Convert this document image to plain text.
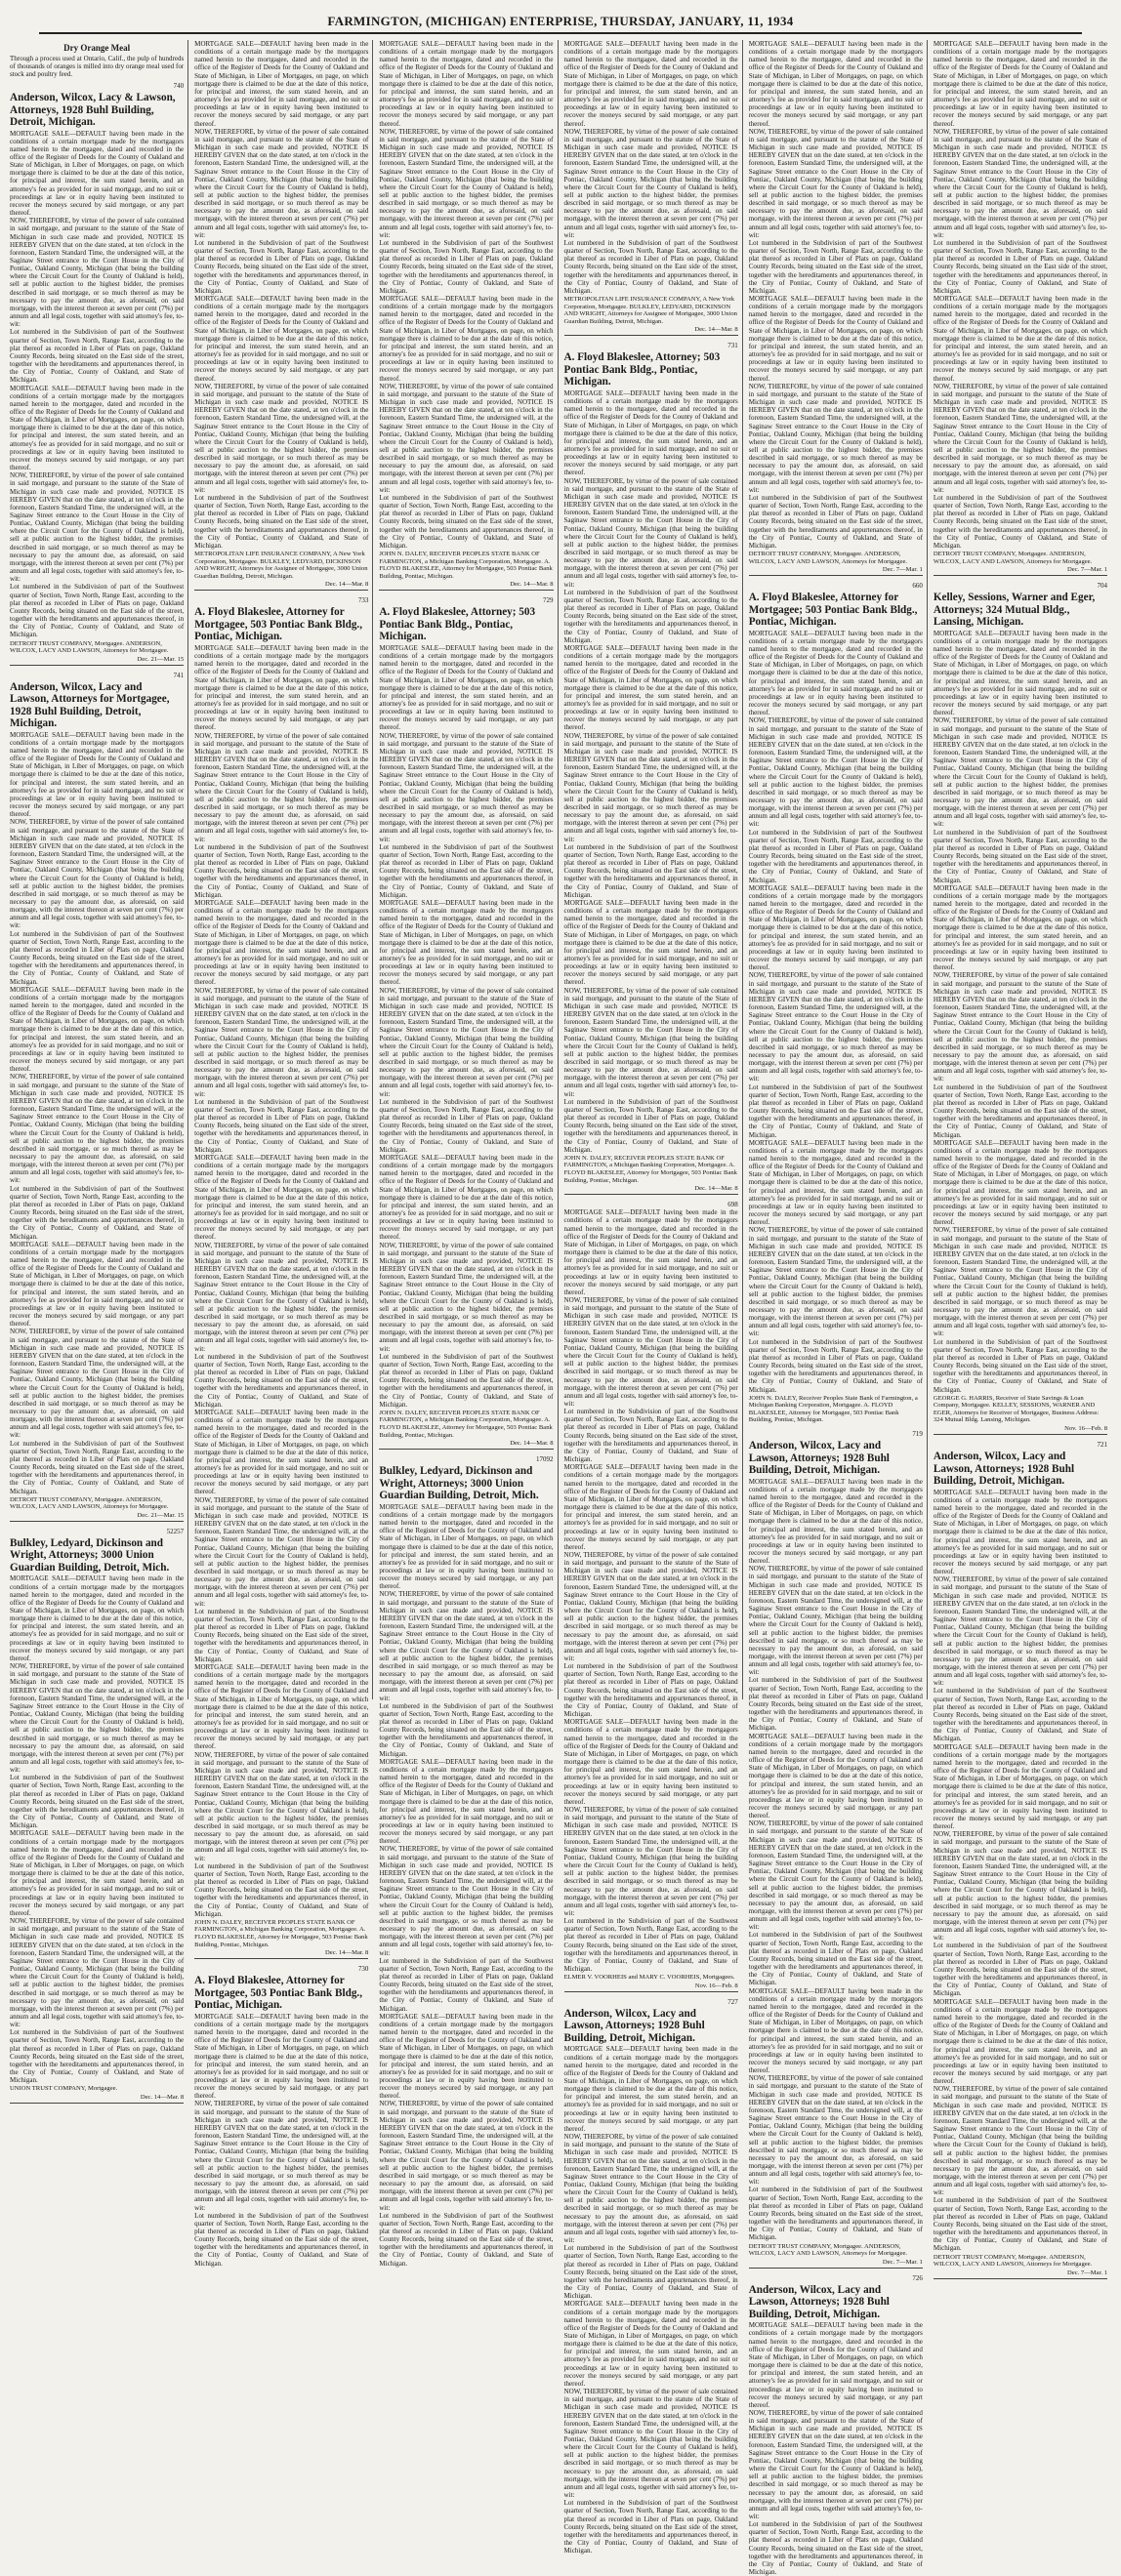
FARMINGTON, (MICHIGAN) ENTERPRISE, THURSDAY, JANUARY, 11, 1934
Dry Orange Meal

Through a process used at Ontario, Calif., the pulp of hundreds of thousands of oranges is milled into dry orange meal used for stock and poultry feed.

740

Anderson, Wilcox, Lacy & Lawson, Attorneys, 1928 Buhl Building, Detroit, Michigan.

MORTGAGE SALE—DEFAULT having been made in the conditions of a certain mortgage made by the mortgagors named herein to the mortgagee, dated and recorded in the office of the Register of Deeds for the County of Oakland and State of Michigan, in Liber of Mortgages, on page, on which mortgage there is claimed to be due at the date of this notice, for principal and interest, the sum stated herein, and an attorney's fee as provided for in said mortgage, and no suit or proceedings at law or in equity having been instituted to recover the moneys secured by said mortgage, or any part thereof.

NOW, THEREFORE, by virtue of the power of sale contained in said mortgage, and pursuant to the statute of the State of Michigan in such case made and provided, NOTICE IS HEREBY GIVEN that on the date stated, at ten o'clock in the forenoon, Eastern Standard Time, the undersigned will, at the Saginaw Street entrance to the Court House in the City of Pontiac, Oakland County, Michigan (that being the building where the Circuit Court for the County of Oakland is held), sell at public auction to the highest bidder, the premises described in said mortgage, or so much thereof as may be necessary to pay the amount due, as aforesaid, on said mortgage, with the interest thereon at seven per cent (7%) per annum and all legal costs, together with said attorney's fee, to-wit:

Lot numbered in the Subdivision of part of the Southwest quarter of Section, Town North, Range East, according to the plat thereof as recorded in Liber of Plats on page, Oakland County Records, being situated on the East side of the street, together with the hereditaments and appurtenances thereof, in the City of Pontiac, County of Oakland, and State of Michigan.

MORTGAGE SALE—DEFAULT having been made in the conditions of a certain mortgage made by the mortgagors named herein to the mortgagee, dated and recorded in the office of the Register of Deeds for the County of Oakland and State of Michigan, in Liber of Mortgages, on page, on which mortgage there is claimed to be due at the date of this notice, for principal and interest, the sum stated herein, and an attorney's fee as provided for in said mortgage, and no suit or proceedings at law or in equity having been instituted to recover the moneys secured by said mortgage, or any part thereof.

NOW, THEREFORE, by virtue of the power of sale contained in said mortgage, and pursuant to the statute of the State of Michigan in such case made and provided, NOTICE IS HEREBY GIVEN that on the date stated, at ten o'clock in the forenoon, Eastern Standard Time, the undersigned will, at the Saginaw Street entrance to the Court House in the City of Pontiac, Oakland County, Michigan (that being the building where the Circuit Court for the County of Oakland is held), sell at public auction to the highest bidder, the premises described in said mortgage, or so much thereof as may be necessary to pay the amount due, as aforesaid, on said mortgage, with the interest thereon at seven per cent (7%) per annum and all legal costs, together with said attorney's fee, to-wit:

Lot numbered in the Subdivision of part of the Southwest quarter of Section, Town North, Range East, according to the plat thereof as recorded in Liber of Plats on page, Oakland County Records, being situated on the East side of the street, together with the hereditaments and appurtenances thereof, in the City of Pontiac, County of Oakland, and State of Michigan.

DETROIT TRUST COMPANY, Mortgagee. ANDERSON, WILCOX, LACY AND LAWSON, Attorneys for Mortgagee.

Dec. 21—Mar. 15

741

Anderson, Wilcox, Lacy and Lawson, Attorneys for Mortgagee, 1928 Buhl Building, Detroit, Michigan.

MORTGAGE SALE—DEFAULT having been made in the conditions of a certain mortgage made by the mortgagors named herein to the mortgagee, dated and recorded in the office of the Register of Deeds for the County of Oakland and State of Michigan, in Liber of Mortgages, on page, on which mortgage there is claimed to be due at the date of this notice, for principal and interest, the sum stated herein, and an attorney's fee as provided for in said mortgage, and no suit or proceedings at law or in equity having been instituted to recover the moneys secured by said mortgage, or any part thereof.

NOW, THEREFORE, by virtue of the power of sale contained in said mortgage, and pursuant to the statute of the State of Michigan in such case made and provided, NOTICE IS HEREBY GIVEN that on the date stated, at ten o'clock in the forenoon, Eastern Standard Time, the undersigned will, at the Saginaw Street entrance to the Court House in the City of Pontiac, Oakland County, Michigan (that being the building where the Circuit Court for the County of Oakland is held), sell at public auction to the highest bidder, the premises described in said mortgage, or so much thereof as may be necessary to pay the amount due, as aforesaid, on said mortgage, with the interest thereon at seven per cent (7%) per annum and all legal costs, together with said attorney's fee, to-wit:

Lot numbered in the Subdivision of part of the Southwest quarter of Section, Town North, Range East, according to the plat thereof as recorded in Liber of Plats on page, Oakland County Records, being situated on the East side of the street, together with the hereditaments and appurtenances thereof, in the City of Pontiac, County of Oakland, and State of Michigan.

MORTGAGE SALE—DEFAULT having been made in the conditions of a certain mortgage made by the mortgagors named herein to the mortgagee, dated and recorded in the office of the Register of Deeds for the County of Oakland and State of Michigan, in Liber of Mortgages, on page, on which mortgage there is claimed to be due at the date of this notice, for principal and interest, the sum stated herein, and an attorney's fee as provided for in said mortgage, and no suit or proceedings at law or in equity having been instituted to recover the moneys secured by said mortgage, or any part thereof.

NOW, THEREFORE, by virtue of the power of sale contained in said mortgage, and pursuant to the statute of the State of Michigan in such case made and provided, NOTICE IS HEREBY GIVEN that on the date stated, at ten o'clock in the forenoon, Eastern Standard Time, the undersigned will, at the Saginaw Street entrance to the Court House in the City of Pontiac, Oakland County, Michigan (that being the building where the Circuit Court for the County of Oakland is held), sell at public auction to the highest bidder, the premises described in said mortgage, or so much thereof as may be necessary to pay the amount due, as aforesaid, on said mortgage, with the interest thereon at seven per cent (7%) per annum and all legal costs, together with said attorney's fee, to-wit:

Lot numbered in the Subdivision of part of the Southwest quarter of Section, Town North, Range East, according to the plat thereof as recorded in Liber of Plats on page, Oakland County Records, being situated on the East side of the street, together with the hereditaments and appurtenances thereof, in the City of Pontiac, County of Oakland, and State of Michigan.

MORTGAGE SALE—DEFAULT having been made in the conditions of a certain mortgage made by the mortgagors named herein to the mortgagee, dated and recorded in the office of the Register of Deeds for the County of Oakland and State of Michigan, in Liber of Mortgages, on page, on which mortgage there is claimed to be due at the date of this notice, for principal and interest, the sum stated herein, and an attorney's fee as provided for in said mortgage, and no suit or proceedings at law or in equity having been instituted to recover the moneys secured by said mortgage, or any part thereof.

NOW, THEREFORE, by virtue of the power of sale contained in said mortgage, and pursuant to the statute of the State of Michigan in such case made and provided, NOTICE IS HEREBY GIVEN that on the date stated, at ten o'clock in the forenoon, Eastern Standard Time, the undersigned will, at the Saginaw Street entrance to the Court House in the City of Pontiac, Oakland County, Michigan (that being the building where the Circuit Court for the County of Oakland is held), sell at public auction to the highest bidder, the premises described in said mortgage, or so much thereof as may be necessary to pay the amount due, as aforesaid, on said mortgage, with the interest thereon at seven per cent (7%) per annum and all legal costs, together with said attorney's fee, to-wit:

Lot numbered in the Subdivision of part of the Southwest quarter of Section, Town North, Range East, according to the plat thereof as recorded in Liber of Plats on page, Oakland County Records, being situated on the East side of the street, together with the hereditaments and appurtenances thereof, in the City of Pontiac, County of Oakland, and State of Michigan.

DETROIT TRUST COMPANY, Mortgagee. ANDERSON, WILCOX, LACY AND LAWSON, Attorneys for Mortgagee.

Dec. 21—Mar. 15

52257

Bulkley, Ledyard, Dickinson and Wright, Attorneys; 3000 Union Guardian Building, Detroit, Mich.

MORTGAGE SALE—DEFAULT having been made in the conditions of a certain mortgage made by the mortgagors named herein to the mortgagee, dated and recorded in the office of the Register of Deeds for the County of Oakland and State of Michigan, in Liber of Mortgages, on page, on which mortgage there is claimed to be due at the date of this notice, for principal and interest, the sum stated herein, and an attorney's fee as provided for in said mortgage, and no suit or proceedings at law or in equity having been instituted to recover the moneys secured by said mortgage, or any part thereof.

NOW, THEREFORE, by virtue of the power of sale contained in said mortgage, and pursuant to the statute of the State of Michigan in such case made and provided, NOTICE IS HEREBY GIVEN that on the date stated, at ten o'clock in the forenoon, Eastern Standard Time, the undersigned will, at the Saginaw Street entrance to the Court House in the City of Pontiac, Oakland County, Michigan (that being the building where the Circuit Court for the County of Oakland is held), sell at public auction to the highest bidder, the premises described in said mortgage, or so much thereof as may be necessary to pay the amount due, as aforesaid, on said mortgage, with the interest thereon at seven per cent (7%) per annum and all legal costs, together with said attorney's fee, to-wit:

Lot numbered in the Subdivision of part of the Southwest quarter of Section, Town North, Range East, according to the plat thereof as recorded in Liber of Plats on page, Oakland County Records, being situated on the East side of the street, together with the hereditaments and appurtenances thereof, in the City of Pontiac, County of Oakland, and State of Michigan.

MORTGAGE SALE—DEFAULT having been made in the conditions of a certain mortgage made by the mortgagors named herein to the mortgagee, dated and recorded in the office of the Register of Deeds for the County of Oakland and State of Michigan, in Liber of Mortgages, on page, on which mortgage there is claimed to be due at the date of this notice, for principal and interest, the sum stated herein, and an attorney's fee as provided for in said mortgage, and no suit or proceedings at law or in equity having been instituted to recover the moneys secured by said mortgage, or any part thereof.

NOW, THEREFORE, by virtue of the power of sale contained in said mortgage, and pursuant to the statute of the State of Michigan in such case made and provided, NOTICE IS HEREBY GIVEN that on the date stated, at ten o'clock in the forenoon, Eastern Standard Time, the undersigned will, at the Saginaw Street entrance to the Court House in the City of Pontiac, Oakland County, Michigan (that being the building where the Circuit Court for the County of Oakland is held), sell at public auction to the highest bidder, the premises described in said mortgage, or so much thereof as may be necessary to pay the amount due, as aforesaid, on said mortgage, with the interest thereon at seven per cent (7%) per annum and all legal costs, together with said attorney's fee, to-wit:

Lot numbered in the Subdivision of part of the Southwest quarter of Section, Town North, Range East, according to the plat thereof as recorded in Liber of Plats on page, Oakland County Records, being situated on the East side of the street, together with the hereditaments and appurtenances thereof, in the City of Pontiac, County of Oakland, and State of Michigan.

UNION TRUST COMPANY, Mortgagee.

Dec. 14—Mar. 8

MORTGAGE SALE—DEFAULT having been made in the conditions of a certain mortgage made by the mortgagors named herein to the mortgagee, dated and recorded in the office of the Register of Deeds for the County of Oakland and State of Michigan, in Liber of Mortgages, on page, on which mortgage there is claimed to be due at the date of this notice, for principal and interest, the sum stated herein, and an attorney's fee as provided for in said mortgage, and no suit or proceedings at law or in equity having been instituted to recover the moneys secured by said mortgage, or any part thereof.

NOW, THEREFORE, by virtue of the power of sale contained in said mortgage, and pursuant to the statute of the State of Michigan in such case made and provided, NOTICE IS HEREBY GIVEN that on the date stated, at ten o'clock in the forenoon, Eastern Standard Time, the undersigned will, at the Saginaw Street entrance to the Court House in the City of Pontiac, Oakland County, Michigan (that being the building where the Circuit Court for the County of Oakland is held), sell at public auction to the highest bidder, the premises described in said mortgage, or so much thereof as may be necessary to pay the amount due, as aforesaid, on said mortgage, with the interest thereon at seven per cent (7%) per annum and all legal costs, together with said attorney's fee, to-wit:

Lot numbered in the Subdivision of part of the Southwest quarter of Section, Town North, Range East, according to the plat thereof as recorded in Liber of Plats on page, Oakland County Records, being situated on the East side of the street, together with the hereditaments and appurtenances thereof, in the City of Pontiac, County of Oakland, and State of Michigan.

MORTGAGE SALE—DEFAULT having been made in the conditions of a certain mortgage made by the mortgagors named herein to the mortgagee, dated and recorded in the office of the Register of Deeds for the County of Oakland and State of Michigan, in Liber of Mortgages, on page, on which mortgage there is claimed to be due at the date of this notice, for principal and interest, the sum stated herein, and an attorney's fee as provided for in said mortgage, and no suit or proceedings at law or in equity having been instituted to recover the moneys secured by said mortgage, or any part thereof.

NOW, THEREFORE, by virtue of the power of sale contained in said mortgage, and pursuant to the statute of the State of Michigan in such case made and provided, NOTICE IS HEREBY GIVEN that on the date stated, at ten o'clock in the forenoon, Eastern Standard Time, the undersigned will, at the Saginaw Street entrance to the Court House in the City of Pontiac, Oakland County, Michigan (that being the building where the Circuit Court for the County of Oakland is held), sell at public auction to the highest bidder, the premises described in said mortgage, or so much thereof as may be necessary to pay the amount due, as aforesaid, on said mortgage, with the interest thereon at seven per cent (7%) per annum and all legal costs, together with said attorney's fee, to-wit:

Lot numbered in the Subdivision of part of the Southwest quarter of Section, Town North, Range East, according to the plat thereof as recorded in Liber of Plats on page, Oakland County Records, being situated on the East side of the street, together with the hereditaments and appurtenances thereof, in the City of Pontiac, County of Oakland, and State of Michigan.

METROPOLITAN LIFE INSURANCE COMPANY, A New York Corporation, Mortgagee. BULKLEY, LEDYARD, DICKINSON AND WRIGHT, Attorneys for Assignee of Mortgagee, 3000 Union Guardian Building, Detroit, Michigan.

Dec. 14—Mar. 8

733

A. Floyd Blakeslee, Attorney for Mortgagee, 503 Pontiac Bank Bldg., Pontiac, Michigan.

MORTGAGE SALE—DEFAULT having been made in the conditions of a certain mortgage made by the mortgagors named herein to the mortgagee, dated and recorded in the office of the Register of Deeds for the County of Oakland and State of Michigan, in Liber of Mortgages, on page, on which mortgage there is claimed to be due at the date of this notice, for principal and interest, the sum stated herein, and an attorney's fee as provided for in said mortgage, and no suit or proceedings at law or in equity having been instituted to recover the moneys secured by said mortgage, or any part thereof.

NOW, THEREFORE, by virtue of the power of sale contained in said mortgage, and pursuant to the statute of the State of Michigan in such case made and provided, NOTICE IS HEREBY GIVEN that on the date stated, at ten o'clock in the forenoon, Eastern Standard Time, the undersigned will, at the Saginaw Street entrance to the Court House in the City of Pontiac, Oakland County, Michigan (that being the building where the Circuit Court for the County of Oakland is held), sell at public auction to the highest bidder, the premises described in said mortgage, or so much thereof as may be necessary to pay the amount due, as aforesaid, on said mortgage, with the interest thereon at seven per cent (7%) per annum and all legal costs, together with said attorney's fee, to-wit:

Lot numbered in the Subdivision of part of the Southwest quarter of Section, Town North, Range East, according to the plat thereof as recorded in Liber of Plats on page, Oakland County Records, being situated on the East side of the street, together with the hereditaments and appurtenances thereof, in the City of Pontiac, County of Oakland, and State of Michigan.

MORTGAGE SALE—DEFAULT having been made in the conditions of a certain mortgage made by the mortgagors named herein to the mortgagee, dated and recorded in the office of the Register of Deeds for the County of Oakland and State of Michigan, in Liber of Mortgages, on page, on which mortgage there is claimed to be due at the date of this notice, for principal and interest, the sum stated herein, and an attorney's fee as provided for in said mortgage, and no suit or proceedings at law or in equity having been instituted to recover the moneys secured by said mortgage, or any part thereof.

NOW, THEREFORE, by virtue of the power of sale contained in said mortgage, and pursuant to the statute of the State of Michigan in such case made and provided, NOTICE IS HEREBY GIVEN that on the date stated, at ten o'clock in the forenoon, Eastern Standard Time, the undersigned will, at the Saginaw Street entrance to the Court House in the City of Pontiac, Oakland County, Michigan (that being the building where the Circuit Court for the County of Oakland is held), sell at public auction to the highest bidder, the premises described in said mortgage, or so much thereof as may be necessary to pay the amount due, as aforesaid, on said mortgage, with the interest thereon at seven per cent (7%) per annum and all legal costs, together with said attorney's fee, to-wit:

Lot numbered in the Subdivision of part of the Southwest quarter of Section, Town North, Range East, according to the plat thereof as recorded in Liber of Plats on page, Oakland County Records, being situated on the East side of the street, together with the hereditaments and appurtenances thereof, in the City of Pontiac, County of Oakland, and State of Michigan.

MORTGAGE SALE—DEFAULT having been made in the conditions of a certain mortgage made by the mortgagors named herein to the mortgagee, dated and recorded in the office of the Register of Deeds for the County of Oakland and State of Michigan, in Liber of Mortgages, on page, on which mortgage there is claimed to be due at the date of this notice, for principal and interest, the sum stated herein, and an attorney's fee as provided for in said mortgage, and no suit or proceedings at law or in equity having been instituted to recover the moneys secured by said mortgage, or any part thereof.

NOW, THEREFORE, by virtue of the power of sale contained in said mortgage, and pursuant to the statute of the State of Michigan in such case made and provided, NOTICE IS HEREBY GIVEN that on the date stated, at ten o'clock in the forenoon, Eastern Standard Time, the undersigned will, at the Saginaw Street entrance to the Court House in the City of Pontiac, Oakland County, Michigan (that being the building where the Circuit Court for the County of Oakland is held), sell at public auction to the highest bidder, the premises described in said mortgage, or so much thereof as may be necessary to pay the amount due, as aforesaid, on said mortgage, with the interest thereon at seven per cent (7%) per annum and all legal costs, together with said attorney's fee, to-wit:

Lot numbered in the Subdivision of part of the Southwest quarter of Section, Town North, Range East, according to the plat thereof as recorded in Liber of Plats on page, Oakland County Records, being situated on the East side of the street, together with the hereditaments and appurtenances thereof, in the City of Pontiac, County of Oakland, and State of Michigan.

MORTGAGE SALE—DEFAULT having been made in the conditions of a certain mortgage made by the mortgagors named herein to the mortgagee, dated and recorded in the office of the Register of Deeds for the County of Oakland and State of Michigan, in Liber of Mortgages, on page, on which mortgage there is claimed to be due at the date of this notice, for principal and interest, the sum stated herein, and an attorney's fee as provided for in said mortgage, and no suit or proceedings at law or in equity having been instituted to recover the moneys secured by said mortgage, or any part thereof.

NOW, THEREFORE, by virtue of the power of sale contained in said mortgage, and pursuant to the statute of the State of Michigan in such case made and provided, NOTICE IS HEREBY GIVEN that on the date stated, at ten o'clock in the forenoon, Eastern Standard Time, the undersigned will, at the Saginaw Street entrance to the Court House in the City of Pontiac, Oakland County, Michigan (that being the building where the Circuit Court for the County of Oakland is held), sell at public auction to the highest bidder, the premises described in said mortgage, or so much thereof as may be necessary to pay the amount due, as aforesaid, on said mortgage, with the interest thereon at seven per cent (7%) per annum and all legal costs, together with said attorney's fee, to-wit:

Lot numbered in the Subdivision of part of the Southwest quarter of Section, Town North, Range East, according to the plat thereof as recorded in Liber of Plats on page, Oakland County Records, being situated on the East side of the street, together with the hereditaments and appurtenances thereof, in the City of Pontiac, County of Oakland, and State of Michigan.

MORTGAGE SALE—DEFAULT having been made in the conditions of a certain mortgage made by the mortgagors named herein to the mortgagee, dated and recorded in the office of the Register of Deeds for the County of Oakland and State of Michigan, in Liber of Mortgages, on page, on which mortgage there is claimed to be due at the date of this notice, for principal and interest, the sum stated herein, and an attorney's fee as provided for in said mortgage, and no suit or proceedings at law or in equity having been instituted to recover the moneys secured by said mortgage, or any part thereof.

NOW, THEREFORE, by virtue of the power of sale contained in said mortgage, and pursuant to the statute of the State of Michigan in such case made and provided, NOTICE IS HEREBY GIVEN that on the date stated, at ten o'clock in the forenoon, Eastern Standard Time, the undersigned will, at the Saginaw Street entrance to the Court House in the City of Pontiac, Oakland County, Michigan (that being the building where the Circuit Court for the County of Oakland is held), sell at public auction to the highest bidder, the premises described in said mortgage, or so much thereof as may be necessary to pay the amount due, as aforesaid, on said mortgage, with the interest thereon at seven per cent (7%) per annum and all legal costs, together with said attorney's fee, to-wit:

Lot numbered in the Subdivision of part of the Southwest quarter of Section, Town North, Range East, according to the plat thereof as recorded in Liber of Plats on page, Oakland County Records, being situated on the East side of the street, together with the hereditaments and appurtenances thereof, in the City of Pontiac, County of Oakland, and State of Michigan.

JOHN N. DALEY, RECEIVER PEOPLES STATE BANK OF FARMINGTON, a Michigan Banking Corporation, Mortgagee. A. FLOYD BLAKESLEE, Attorney for Mortgagee, 503 Pontiac Bank Building, Pontiac, Michigan.

Dec. 14—Mar. 8

730

A. Floyd Blakeslee, Attorney for Mortgagee, 503 Pontiac Bank Bldg., Pontiac, Michigan.

MORTGAGE SALE—DEFAULT having been made in the conditions of a certain mortgage made by the mortgagors named herein to the mortgagee, dated and recorded in the office of the Register of Deeds for the County of Oakland and State of Michigan, in Liber of Mortgages, on page, on which mortgage there is claimed to be due at the date of this notice, for principal and interest, the sum stated herein, and an attorney's fee as provided for in said mortgage, and no suit or proceedings at law or in equity having been instituted to recover the moneys secured by said mortgage, or any part thereof.

NOW, THEREFORE, by virtue of the power of sale contained in said mortgage, and pursuant to the statute of the State of Michigan in such case made and provided, NOTICE IS HEREBY GIVEN that on the date stated, at ten o'clock in the forenoon, Eastern Standard Time, the undersigned will, at the Saginaw Street entrance to the Court House in the City of Pontiac, Oakland County, Michigan (that being the building where the Circuit Court for the County of Oakland is held), sell at public auction to the highest bidder, the premises described in said mortgage, or so much thereof as may be necessary to pay the amount due, as aforesaid, on said mortgage, with the interest thereon at seven per cent (7%) per annum and all legal costs, together with said attorney's fee, to-wit:

Lot numbered in the Subdivision of part of the Southwest quarter of Section, Town North, Range East, according to the plat thereof as recorded in Liber of Plats on page, Oakland County Records, being situated on the East side of the street, together with the hereditaments and appurtenances thereof, in the City of Pontiac, County of Oakland, and State of Michigan.

MORTGAGE SALE—DEFAULT having been made in the conditions of a certain mortgage made by the mortgagors named herein to the mortgagee, dated and recorded in the office of the Register of Deeds for the County of Oakland and State of Michigan, in Liber of Mortgages, on page, on which mortgage there is claimed to be due at the date of this notice, for principal and interest, the sum stated herein, and an attorney's fee as provided for in said mortgage, and no suit or proceedings at law or in equity having been instituted to recover the moneys secured by said mortgage, or any part thereof.

NOW, THEREFORE, by virtue of the power of sale contained in said mortgage, and pursuant to the statute of the State of Michigan in such case made and provided, NOTICE IS HEREBY GIVEN that on the date stated, at ten o'clock in the forenoon, Eastern Standard Time, the undersigned will, at the Saginaw Street entrance to the Court House in the City of Pontiac, Oakland County, Michigan (that being the building where the Circuit Court for the County of Oakland is held), sell at public auction to the highest bidder, the premises described in said mortgage, or so much thereof as may be necessary to pay the amount due, as aforesaid, on said mortgage, with the interest thereon at seven per cent (7%) per annum and all legal costs, together with said attorney's fee, to-wit:

Lot numbered in the Subdivision of part of the Southwest quarter of Section, Town North, Range East, according to the plat thereof as recorded in Liber of Plats on page, Oakland County Records, being situated on the East side of the street, together with the hereditaments and appurtenances thereof, in the City of Pontiac, County of Oakland, and State of Michigan.

MORTGAGE SALE—DEFAULT having been made in the conditions of a certain mortgage made by the mortgagors named herein to the mortgagee, dated and recorded in the office of the Register of Deeds for the County of Oakland and State of Michigan, in Liber of Mortgages, on page, on which mortgage there is claimed to be due at the date of this notice, for principal and interest, the sum stated herein, and an attorney's fee as provided for in said mortgage, and no suit or proceedings at law or in equity having been instituted to recover the moneys secured by said mortgage, or any part thereof.

NOW, THEREFORE, by virtue of the power of sale contained in said mortgage, and pursuant to the statute of the State of Michigan in such case made and provided, NOTICE IS HEREBY GIVEN that on the date stated, at ten o'clock in the forenoon, Eastern Standard Time, the undersigned will, at the Saginaw Street entrance to the Court House in the City of Pontiac, Oakland County, Michigan (that being the building where the Circuit Court for the County of Oakland is held), sell at public auction to the highest bidder, the premises described in said mortgage, or so much thereof as may be necessary to pay the amount due, as aforesaid, on said mortgage, with the interest thereon at seven per cent (7%) per annum and all legal costs, together with said attorney's fee, to-wit:

Lot numbered in the Subdivision of part of the Southwest quarter of Section, Town North, Range East, according to the plat thereof as recorded in Liber of Plats on page, Oakland County Records, being situated on the East side of the street, together with the hereditaments and appurtenances thereof, in the City of Pontiac, County of Oakland, and State of Michigan.

JOHN N. DALEY, RECEIVER PEOPLES STATE BANK OF FARMINGTON, a Michigan Banking Corporation, Mortgagee. A. FLOYD BLAKESLEE, Attorney for Mortgagee, 503 Pontiac Bank Building, Pontiac, Michigan.

Dec. 14—Mar. 8

729

A. Floyd Blakeslee, Attorney; 503 Pontiac Bank Bldg., Pontiac, Michigan.

MORTGAGE SALE—DEFAULT having been made in the conditions of a certain mortgage made by the mortgagors named herein to the mortgagee, dated and recorded in the office of the Register of Deeds for the County of Oakland and State of Michigan, in Liber of Mortgages, on page, on which mortgage there is claimed to be due at the date of this notice, for principal and interest, the sum stated herein, and an attorney's fee as provided for in said mortgage, and no suit or proceedings at law or in equity having been instituted to recover the moneys secured by said mortgage, or any part thereof.

NOW, THEREFORE, by virtue of the power of sale contained in said mortgage, and pursuant to the statute of the State of Michigan in such case made and provided, NOTICE IS HEREBY GIVEN that on the date stated, at ten o'clock in the forenoon, Eastern Standard Time, the undersigned will, at the Saginaw Street entrance to the Court House in the City of Pontiac, Oakland County, Michigan (that being the building where the Circuit Court for the County of Oakland is held), sell at public auction to the highest bidder, the premises described in said mortgage, or so much thereof as may be necessary to pay the amount due, as aforesaid, on said mortgage, with the interest thereon at seven per cent (7%) per annum and all legal costs, together with said attorney's fee, to-wit:

Lot numbered in the Subdivision of part of the Southwest quarter of Section, Town North, Range East, according to the plat thereof as recorded in Liber of Plats on page, Oakland County Records, being situated on the East side of the street, together with the hereditaments and appurtenances thereof, in the City of Pontiac, County of Oakland, and State of Michigan.

MORTGAGE SALE—DEFAULT having been made in the conditions of a certain mortgage made by the mortgagors named herein to the mortgagee, dated and recorded in the office of the Register of Deeds for the County of Oakland and State of Michigan, in Liber of Mortgages, on page, on which mortgage there is claimed to be due at the date of this notice, for principal and interest, the sum stated herein, and an attorney's fee as provided for in said mortgage, and no suit or proceedings at law or in equity having been instituted to recover the moneys secured by said mortgage, or any part thereof.

NOW, THEREFORE, by virtue of the power of sale contained in said mortgage, and pursuant to the statute of the State of Michigan in such case made and provided, NOTICE IS HEREBY GIVEN that on the date stated, at ten o'clock in the forenoon, Eastern Standard Time, the undersigned will, at the Saginaw Street entrance to the Court House in the City of Pontiac, Oakland County, Michigan (that being the building where the Circuit Court for the County of Oakland is held), sell at public auction to the highest bidder, the premises described in said mortgage, or so much thereof as may be necessary to pay the amount due, as aforesaid, on said mortgage, with the interest thereon at seven per cent (7%) per annum and all legal costs, together with said attorney's fee, to-wit:

Lot numbered in the Subdivision of part of the Southwest quarter of Section, Town North, Range East, according to the plat thereof as recorded in Liber of Plats on page, Oakland County Records, being situated on the East side of the street, together with the hereditaments and appurtenances thereof, in the City of Pontiac, County of Oakland, and State of Michigan.

MORTGAGE SALE—DEFAULT having been made in the conditions of a certain mortgage made by the mortgagors named herein to the mortgagee, dated and recorded in the office of the Register of Deeds for the County of Oakland and State of Michigan, in Liber of Mortgages, on page, on which mortgage there is claimed to be due at the date of this notice, for principal and interest, the sum stated herein, and an attorney's fee as provided for in said mortgage, and no suit or proceedings at law or in equity having been instituted to recover the moneys secured by said mortgage, or any part thereof.

NOW, THEREFORE, by virtue of the power of sale contained in said mortgage, and pursuant to the statute of the State of Michigan in such case made and provided, NOTICE IS HEREBY GIVEN that on the date stated, at ten o'clock in the forenoon, Eastern Standard Time, the undersigned will, at the Saginaw Street entrance to the Court House in the City of Pontiac, Oakland County, Michigan (that being the building where the Circuit Court for the County of Oakland is held), sell at public auction to the highest bidder, the premises described in said mortgage, or so much thereof as may be necessary to pay the amount due, as aforesaid, on said mortgage, with the interest thereon at seven per cent (7%) per annum and all legal costs, together with said attorney's fee, to-wit:

Lot numbered in the Subdivision of part of the Southwest quarter of Section, Town North, Range East, according to the plat thereof as recorded in Liber of Plats on page, Oakland County Records, being situated on the East side of the street, together with the hereditaments and appurtenances thereof, in the City of Pontiac, County of Oakland, and State of Michigan.

JOHN N. DALEY, RECEIVER PEOPLES STATE BANK OF FARMINGTON, a Michigan Banking Corporation, Mortgagee. A. FLOYD BLAKESLEE, Attorney for Mortgagee, 503 Pontiac Bank Building, Pontiac, Michigan.

Dec. 14—Mar. 8

17092

Bulkley, Ledyard, Dickinson and Wright, Attorneys; 3000 Union Guardian Building, Detroit, Mich.

MORTGAGE SALE—DEFAULT having been made in the conditions of a certain mortgage made by the mortgagors named herein to the mortgagee, dated and recorded in the office of the Register of Deeds for the County of Oakland and State of Michigan, in Liber of Mortgages, on page, on which mortgage there is claimed to be due at the date of this notice, for principal and interest, the sum stated herein, and an attorney's fee as provided for in said mortgage, and no suit or proceedings at law or in equity having been instituted to recover the moneys secured by said mortgage, or any part thereof.

NOW, THEREFORE, by virtue of the power of sale contained in said mortgage, and pursuant to the statute of the State of Michigan in such case made and provided, NOTICE IS HEREBY GIVEN that on the date stated, at ten o'clock in the forenoon, Eastern Standard Time, the undersigned will, at the Saginaw Street entrance to the Court House in the City of Pontiac, Oakland County, Michigan (that being the building where the Circuit Court for the County of Oakland is held), sell at public auction to the highest bidder, the premises described in said mortgage, or so much thereof as may be necessary to pay the amount due, as aforesaid, on said mortgage, with the interest thereon at seven per cent (7%) per annum and all legal costs, together with said attorney's fee, to-wit:

Lot numbered in the Subdivision of part of the Southwest quarter of Section, Town North, Range East, according to the plat thereof as recorded in Liber of Plats on page, Oakland County Records, being situated on the East side of the street, together with the hereditaments and appurtenances thereof, in the City of Pontiac, County of Oakland, and State of Michigan.

MORTGAGE SALE—DEFAULT having been made in the conditions of a certain mortgage made by the mortgagors named herein to the mortgagee, dated and recorded in the office of the Register of Deeds for the County of Oakland and State of Michigan, in Liber of Mortgages, on page, on which mortgage there is claimed to be due at the date of this notice, for principal and interest, the sum stated herein, and an attorney's fee as provided for in said mortgage, and no suit or proceedings at law or in equity having been instituted to recover the moneys secured by said mortgage, or any part thereof.

NOW, THEREFORE, by virtue of the power of sale contained in said mortgage, and pursuant to the statute of the State of Michigan in such case made and provided, NOTICE IS HEREBY GIVEN that on the date stated, at ten o'clock in the forenoon, Eastern Standard Time, the undersigned will, at the Saginaw Street entrance to the Court House in the City of Pontiac, Oakland County, Michigan (that being the building where the Circuit Court for the County of Oakland is held), sell at public auction to the highest bidder, the premises described in said mortgage, or so much thereof as may be necessary to pay the amount due, as aforesaid, on said mortgage, with the interest thereon at seven per cent (7%) per annum and all legal costs, together with said attorney's fee, to-wit:

Lot numbered in the Subdivision of part of the Southwest quarter of Section, Town North, Range East, according to the plat thereof as recorded in Liber of Plats on page, Oakland County Records, being situated on the East side of the street, together with the hereditaments and appurtenances thereof, in the City of Pontiac, County of Oakland, and State of Michigan.

MORTGAGE SALE—DEFAULT having been made in the conditions of a certain mortgage made by the mortgagors named herein to the mortgagee, dated and recorded in the office of the Register of Deeds for the County of Oakland and State of Michigan, in Liber of Mortgages, on page, on which mortgage there is claimed to be due at the date of this notice, for principal and interest, the sum stated herein, and an attorney's fee as provided for in said mortgage, and no suit or proceedings at law or in equity having been instituted to recover the moneys secured by said mortgage, or any part thereof.

NOW, THEREFORE, by virtue of the power of sale contained in said mortgage, and pursuant to the statute of the State of Michigan in such case made and provided, NOTICE IS HEREBY GIVEN that on the date stated, at ten o'clock in the forenoon, Eastern Standard Time, the undersigned will, at the Saginaw Street entrance to the Court House in the City of Pontiac, Oakland County, Michigan (that being the building where the Circuit Court for the County of Oakland is held), sell at public auction to the highest bidder, the premises described in said mortgage, or so much thereof as may be necessary to pay the amount due, as aforesaid, on said mortgage, with the interest thereon at seven per cent (7%) per annum and all legal costs, together with said attorney's fee, to-wit:

Lot numbered in the Subdivision of part of the Southwest quarter of Section, Town North, Range East, according to the plat thereof as recorded in Liber of Plats on page, Oakland County Records, being situated on the East side of the street, together with the hereditaments and appurtenances thereof, in the City of Pontiac, County of Oakland, and State of Michigan.

MORTGAGE SALE—DEFAULT having been made in the conditions of a certain mortgage made by the mortgagors named herein to the mortgagee, dated and recorded in the office of the Register of Deeds for the County of Oakland and State of Michigan, in Liber of Mortgages, on page, on which mortgage there is claimed to be due at the date of this notice, for principal and interest, the sum stated herein, and an attorney's fee as provided for in said mortgage, and no suit or proceedings at law or in equity having been instituted to recover the moneys secured by said mortgage, or any part thereof.

NOW, THEREFORE, by virtue of the power of sale contained in said mortgage, and pursuant to the statute of the State of Michigan in such case made and provided, NOTICE IS HEREBY GIVEN that on the date stated, at ten o'clock in the forenoon, Eastern Standard Time, the undersigned will, at the Saginaw Street entrance to the Court House in the City of Pontiac, Oakland County, Michigan (that being the building where the Circuit Court for the County of Oakland is held), sell at public auction to the highest bidder, the premises described in said mortgage, or so much thereof as may be necessary to pay the amount due, as aforesaid, on said mortgage, with the interest thereon at seven per cent (7%) per annum and all legal costs, together with said attorney's fee, to-wit:

Lot numbered in the Subdivision of part of the Southwest quarter of Section, Town North, Range East, according to the plat thereof as recorded in Liber of Plats on page, Oakland County Records, being situated on the East side of the street, together with the hereditaments and appurtenances thereof, in the City of Pontiac, County of Oakland, and State of Michigan.

METROPOLITAN LIFE INSURANCE COMPANY, A New York Corporation, Mortgagee. BULKLEY, LEDYARD, DICKINSON AND WRIGHT, Attorneys for Assignee of Mortgagee, 3000 Union Guardian Building, Detroit, Michigan.

Dec. 14—Mar. 8

731

A. Floyd Blakeslee, Attorney; 503 Pontiac Bank Bldg., Pontiac, Michigan.

MORTGAGE SALE—DEFAULT having been made in the conditions of a certain mortgage made by the mortgagors named herein to the mortgagee, dated and recorded in the office of the Register of Deeds for the County of Oakland and State of Michigan, in Liber of Mortgages, on page, on which mortgage there is claimed to be due at the date of this notice, for principal and interest, the sum stated herein, and an attorney's fee as provided for in said mortgage, and no suit or proceedings at law or in equity having been instituted to recover the moneys secured by said mortgage, or any part thereof.

NOW, THEREFORE, by virtue of the power of sale contained in said mortgage, and pursuant to the statute of the State of Michigan in such case made and provided, NOTICE IS HEREBY GIVEN that on the date stated, at ten o'clock in the forenoon, Eastern Standard Time, the undersigned will, at the Saginaw Street entrance to the Court House in the City of Pontiac, Oakland County, Michigan (that being the building where the Circuit Court for the County of Oakland is held), sell at public auction to the highest bidder, the premises described in said mortgage, or so much thereof as may be necessary to pay the amount due, as aforesaid, on said mortgage, with the interest thereon at seven per cent (7%) per annum and all legal costs, together with said attorney's fee, to-wit:

Lot numbered in the Subdivision of part of the Southwest quarter of Section, Town North, Range East, according to the plat thereof as recorded in Liber of Plats on page, Oakland County Records, being situated on the East side of the street, together with the hereditaments and appurtenances thereof, in the City of Pontiac, County of Oakland, and State of Michigan.

MORTGAGE SALE—DEFAULT having been made in the conditions of a certain mortgage made by the mortgagors named herein to the mortgagee, dated and recorded in the office of the Register of Deeds for the County of Oakland and State of Michigan, in Liber of Mortgages, on page, on which mortgage there is claimed to be due at the date of this notice, for principal and interest, the sum stated herein, and an attorney's fee as provided for in said mortgage, and no suit or proceedings at law or in equity having been instituted to recover the moneys secured by said mortgage, or any part thereof.

NOW, THEREFORE, by virtue of the power of sale contained in said mortgage, and pursuant to the statute of the State of Michigan in such case made and provided, NOTICE IS HEREBY GIVEN that on the date stated, at ten o'clock in the forenoon, Eastern Standard Time, the undersigned will, at the Saginaw Street entrance to the Court House in the City of Pontiac, Oakland County, Michigan (that being the building where the Circuit Court for the County of Oakland is held), sell at public auction to the highest bidder, the premises described in said mortgage, or so much thereof as may be necessary to pay the amount due, as aforesaid, on said mortgage, with the interest thereon at seven per cent (7%) per annum and all legal costs, together with said attorney's fee, to-wit:

Lot numbered in the Subdivision of part of the Southwest quarter of Section, Town North, Range East, according to the plat thereof as recorded in Liber of Plats on page, Oakland County Records, being situated on the East side of the street, together with the hereditaments and appurtenances thereof, in the City of Pontiac, County of Oakland, and State of Michigan.

MORTGAGE SALE—DEFAULT having been made in the conditions of a certain mortgage made by the mortgagors named herein to the mortgagee, dated and recorded in the office of the Register of Deeds for the County of Oakland and State of Michigan, in Liber of Mortgages, on page, on which mortgage there is claimed to be due at the date of this notice, for principal and interest, the sum stated herein, and an attorney's fee as provided for in said mortgage, and no suit or proceedings at law or in equity having been instituted to recover the moneys secured by said mortgage, or any part thereof.

NOW, THEREFORE, by virtue of the power of sale contained in said mortgage, and pursuant to the statute of the State of Michigan in such case made and provided, NOTICE IS HEREBY GIVEN that on the date stated, at ten o'clock in the forenoon, Eastern Standard Time, the undersigned will, at the Saginaw Street entrance to the Court House in the City of Pontiac, Oakland County, Michigan (that being the building where the Circuit Court for the County of Oakland is held), sell at public auction to the highest bidder, the premises described in said mortgage, or so much thereof as may be necessary to pay the amount due, as aforesaid, on said mortgage, with the interest thereon at seven per cent (7%) per annum and all legal costs, together with said attorney's fee, to-wit:

Lot numbered in the Subdivision of part of the Southwest quarter of Section, Town North, Range East, according to the plat thereof as recorded in Liber of Plats on page, Oakland County Records, being situated on the East side of the street, together with the hereditaments and appurtenances thereof, in the City of Pontiac, County of Oakland, and State of Michigan.

JOHN N. DALEY, RECEIVER PEOPLES STATE BANK OF FARMINGTON, a Michigan Banking Corporation, Mortgagee. A. FLOYD BLAKESLEE, Attorney for Mortgagee, 503 Pontiac Bank Building, Pontiac, Michigan.

Dec. 14—Mar. 8

698

MORTGAGE SALE—DEFAULT having been made in the conditions of a certain mortgage made by the mortgagors named herein to the mortgagee, dated and recorded in the office of the Register of Deeds for the County of Oakland and State of Michigan, in Liber of Mortgages, on page, on which mortgage there is claimed to be due at the date of this notice, for principal and interest, the sum stated herein, and an attorney's fee as provided for in said mortgage, and no suit or proceedings at law or in equity having been instituted to recover the moneys secured by said mortgage, or any part thereof.

NOW, THEREFORE, by virtue of the power of sale contained in said mortgage, and pursuant to the statute of the State of Michigan in such case made and provided, NOTICE IS HEREBY GIVEN that on the date stated, at ten o'clock in the forenoon, Eastern Standard Time, the undersigned will, at the Saginaw Street entrance to the Court House in the City of Pontiac, Oakland County, Michigan (that being the building where the Circuit Court for the County of Oakland is held), sell at public auction to the highest bidder, the premises described in said mortgage, or so much thereof as may be necessary to pay the amount due, as aforesaid, on said mortgage, with the interest thereon at seven per cent (7%) per annum and all legal costs, together with said attorney's fee, to-wit:

Lot numbered in the Subdivision of part of the Southwest quarter of Section, Town North, Range East, according to the plat thereof as recorded in Liber of Plats on page, Oakland County Records, being situated on the East side of the street, together with the hereditaments and appurtenances thereof, in the City of Pontiac, County of Oakland, and State of Michigan.

MORTGAGE SALE—DEFAULT having been made in the conditions of a certain mortgage made by the mortgagors named herein to the mortgagee, dated and recorded in the office of the Register of Deeds for the County of Oakland and State of Michigan, in Liber of Mortgages, on page, on which mortgage there is claimed to be due at the date of this notice, for principal and interest, the sum stated herein, and an attorney's fee as provided for in said mortgage, and no suit or proceedings at law or in equity having been instituted to recover the moneys secured by said mortgage, or any part thereof.

NOW, THEREFORE, by virtue of the power of sale contained in said mortgage, and pursuant to the statute of the State of Michigan in such case made and provided, NOTICE IS HEREBY GIVEN that on the date stated, at ten o'clock in the forenoon, Eastern Standard Time, the undersigned will, at the Saginaw Street entrance to the Court House in the City of Pontiac, Oakland County, Michigan (that being the building where the Circuit Court for the County of Oakland is held), sell at public auction to the highest bidder, the premises described in said mortgage, or so much thereof as may be necessary to pay the amount due, as aforesaid, on said mortgage, with the interest thereon at seven per cent (7%) per annum and all legal costs, together with said attorney's fee, to-wit:

Lot numbered in the Subdivision of part of the Southwest quarter of Section, Town North, Range East, according to the plat thereof as recorded in Liber of Plats on page, Oakland County Records, being situated on the East side of the street, together with the hereditaments and appurtenances thereof, in the City of Pontiac, County of Oakland, and State of Michigan.

MORTGAGE SALE—DEFAULT having been made in the conditions of a certain mortgage made by the mortgagors named herein to the mortgagee, dated and recorded in the office of the Register of Deeds for the County of Oakland and State of Michigan, in Liber of Mortgages, on page, on which mortgage there is claimed to be due at the date of this notice, for principal and interest, the sum stated herein, and an attorney's fee as provided for in said mortgage, and no suit or proceedings at law or in equity having been instituted to recover the moneys secured by said mortgage, or any part thereof.

NOW, THEREFORE, by virtue of the power of sale contained in said mortgage, and pursuant to the statute of the State of Michigan in such case made and provided, NOTICE IS HEREBY GIVEN that on the date stated, at ten o'clock in the forenoon, Eastern Standard Time, the undersigned will, at the Saginaw Street entrance to the Court House in the City of Pontiac, Oakland County, Michigan (that being the building where the Circuit Court for the County of Oakland is held), sell at public auction to the highest bidder, the premises described in said mortgage, or so much thereof as may be necessary to pay the amount due, as aforesaid, on said mortgage, with the interest thereon at seven per cent (7%) per annum and all legal costs, together with said attorney's fee, to-wit:

Lot numbered in the Subdivision of part of the Southwest quarter of Section, Town North, Range East, according to the plat thereof as recorded in Liber of Plats on page, Oakland County Records, being situated on the East side of the street, together with the hereditaments and appurtenances thereof, in the City of Pontiac, County of Oakland, and State of Michigan.

ELMER V. VOORHEIS and MARY C. VOORHEIS, Mortgagees.

Nov. 16—Feb. 8

727

Anderson, Wilcox, Lacy and Lawson, Attorneys; 1928 Buhl Building, Detroit, Michigan.

MORTGAGE SALE—DEFAULT having been made in the conditions of a certain mortgage made by the mortgagors named herein to the mortgagee, dated and recorded in the office of the Register of Deeds for the County of Oakland and State of Michigan, in Liber of Mortgages, on page, on which mortgage there is claimed to be due at the date of this notice, for principal and interest, the sum stated herein, and an attorney's fee as provided for in said mortgage, and no suit or proceedings at law or in equity having been instituted to recover the moneys secured by said mortgage, or any part thereof.

NOW, THEREFORE, by virtue of the power of sale contained in said mortgage, and pursuant to the statute of the State of Michigan in such case made and provided, NOTICE IS HEREBY GIVEN that on the date stated, at ten o'clock in the forenoon, Eastern Standard Time, the undersigned will, at the Saginaw Street entrance to the Court House in the City of Pontiac, Oakland County, Michigan (that being the building where the Circuit Court for the County of Oakland is held), sell at public auction to the highest bidder, the premises described in said mortgage, or so much thereof as may be necessary to pay the amount due, as aforesaid, on said mortgage, with the interest thereon at seven per cent (7%) per annum and all legal costs, together with said attorney's fee, to-wit:

Lot numbered in the Subdivision of part of the Southwest quarter of Section, Town North, Range East, according to the plat thereof as recorded in Liber of Plats on page, Oakland County Records, being situated on the East side of the street, together with the hereditaments and appurtenances thereof, in the City of Pontiac, County of Oakland, and State of Michigan.

MORTGAGE SALE—DEFAULT having been made in the conditions of a certain mortgage made by the mortgagors named herein to the mortgagee, dated and recorded in the office of the Register of Deeds for the County of Oakland and State of Michigan, in Liber of Mortgages, on page, on which mortgage there is claimed to be due at the date of this notice, for principal and interest, the sum stated herein, and an attorney's fee as provided for in said mortgage, and no suit or proceedings at law or in equity having been instituted to recover the moneys secured by said mortgage, or any part thereof.

NOW, THEREFORE, by virtue of the power of sale contained in said mortgage, and pursuant to the statute of the State of Michigan in such case made and provided, NOTICE IS HEREBY GIVEN that on the date stated, at ten o'clock in the forenoon, Eastern Standard Time, the undersigned will, at the Saginaw Street entrance to the Court House in the City of Pontiac, Oakland County, Michigan (that being the building where the Circuit Court for the County of Oakland is held), sell at public auction to the highest bidder, the premises described in said mortgage, or so much thereof as may be necessary to pay the amount due, as aforesaid, on said mortgage, with the interest thereon at seven per cent (7%) per annum and all legal costs, together with said attorney's fee, to-wit:

Lot numbered in the Subdivision of part of the Southwest quarter of Section, Town North, Range East, according to the plat thereof as recorded in Liber of Plats on page, Oakland County Records, being situated on the East side of the street, together with the hereditaments and appurtenances thereof, in the City of Pontiac, County of Oakland, and State of Michigan.

MORTGAGE SALE—DEFAULT having been made in the conditions of a certain mortgage made by the mortgagors named herein to the mortgagee, dated and recorded in the office of the Register of Deeds for the County of Oakland and State of Michigan, in Liber of Mortgages, on page, on which mortgage there is claimed to be due at the date of this notice, for principal and interest, the sum stated herein, and an attorney's fee as provided for in said mortgage, and no suit or proceedings at law or in equity having been instituted to recover the moneys secured by said mortgage, or any part thereof.

NOW, THEREFORE, by virtue of the power of sale contained in said mortgage, and pursuant to the statute of the State of Michigan in such case made and provided, NOTICE IS HEREBY GIVEN that on the date stated, at ten o'clock in the forenoon, Eastern Standard Time, the undersigned will, at the Saginaw Street entrance to the Court House in the City of Pontiac, Oakland County, Michigan (that being the building where the Circuit Court for the County of Oakland is held), sell at public auction to the highest bidder, the premises described in said mortgage, or so much thereof as may be necessary to pay the amount due, as aforesaid, on said mortgage, with the interest thereon at seven per cent (7%) per annum and all legal costs, together with said attorney's fee, to-wit:

Lot numbered in the Subdivision of part of the Southwest quarter of Section, Town North, Range East, according to the plat thereof as recorded in Liber of Plats on page, Oakland County Records, being situated on the East side of the street, together with the hereditaments and appurtenances thereof, in the City of Pontiac, County of Oakland, and State of Michigan.

MORTGAGE SALE—DEFAULT having been made in the conditions of a certain mortgage made by the mortgagors named herein to the mortgagee, dated and recorded in the office of the Register of Deeds for the County of Oakland and State of Michigan, in Liber of Mortgages, on page, on which mortgage there is claimed to be due at the date of this notice, for principal and interest, the sum stated herein, and an attorney's fee as provided for in said mortgage, and no suit or proceedings at law or in equity having been instituted to recover the moneys secured by said mortgage, or any part thereof.

NOW, THEREFORE, by virtue of the power of sale contained in said mortgage, and pursuant to the statute of the State of Michigan in such case made and provided, NOTICE IS HEREBY GIVEN that on the date stated, at ten o'clock in the forenoon, Eastern Standard Time, the undersigned will, at the Saginaw Street entrance to the Court House in the City of Pontiac, Oakland County, Michigan (that being the building where the Circuit Court for the County of Oakland is held), sell at public auction to the highest bidder, the premises described in said mortgage, or so much thereof as may be necessary to pay the amount due, as aforesaid, on said mortgage, with the interest thereon at seven per cent (7%) per annum and all legal costs, together with said attorney's fee, to-wit:

Lot numbered in the Subdivision of part of the Southwest quarter of Section, Town North, Range East, according to the plat thereof as recorded in Liber of Plats on page, Oakland County Records, being situated on the East side of the street, together with the hereditaments and appurtenances thereof, in the City of Pontiac, County of Oakland, and State of Michigan.

DETROIT TRUST COMPANY, Mortgagee. ANDERSON, WILCOX, LACY AND LAWSON, Attorneys for Mortgagee.

Dec. 7—Mar. 1

660

A. Floyd Blakeslee, Attorney for Mortgagee; 503 Pontiac Bank Bldg., Pontiac, Michigan.

MORTGAGE SALE—DEFAULT having been made in the conditions of a certain mortgage made by the mortgagors named herein to the mortgagee, dated and recorded in the office of the Register of Deeds for the County of Oakland and State of Michigan, in Liber of Mortgages, on page, on which mortgage there is claimed to be due at the date of this notice, for principal and interest, the sum stated herein, and an attorney's fee as provided for in said mortgage, and no suit or proceedings at law or in equity having been instituted to recover the moneys secured by said mortgage, or any part thereof.

NOW, THEREFORE, by virtue of the power of sale contained in said mortgage, and pursuant to the statute of the State of Michigan in such case made and provided, NOTICE IS HEREBY GIVEN that on the date stated, at ten o'clock in the forenoon, Eastern Standard Time, the undersigned will, at the Saginaw Street entrance to the Court House in the City of Pontiac, Oakland County, Michigan (that being the building where the Circuit Court for the County of Oakland is held), sell at public auction to the highest bidder, the premises described in said mortgage, or so much thereof as may be necessary to pay the amount due, as aforesaid, on said mortgage, with the interest thereon at seven per cent (7%) per annum and all legal costs, together with said attorney's fee, to-wit:

Lot numbered in the Subdivision of part of the Southwest quarter of Section, Town North, Range East, according to the plat thereof as recorded in Liber of Plats on page, Oakland County Records, being situated on the East side of the street, together with the hereditaments and appurtenances thereof, in the City of Pontiac, County of Oakland, and State of Michigan.

MORTGAGE SALE—DEFAULT having been made in the conditions of a certain mortgage made by the mortgagors named herein to the mortgagee, dated and recorded in the office of the Register of Deeds for the County of Oakland and State of Michigan, in Liber of Mortgages, on page, on which mortgage there is claimed to be due at the date of this notice, for principal and interest, the sum stated herein, and an attorney's fee as provided for in said mortgage, and no suit or proceedings at law or in equity having been instituted to recover the moneys secured by said mortgage, or any part thereof.

NOW, THEREFORE, by virtue of the power of sale contained in said mortgage, and pursuant to the statute of the State of Michigan in such case made and provided, NOTICE IS HEREBY GIVEN that on the date stated, at ten o'clock in the forenoon, Eastern Standard Time, the undersigned will, at the Saginaw Street entrance to the Court House in the City of Pontiac, Oakland County, Michigan (that being the building where the Circuit Court for the County of Oakland is held), sell at public auction to the highest bidder, the premises described in said mortgage, or so much thereof as may be necessary to pay the amount due, as aforesaid, on said mortgage, with the interest thereon at seven per cent (7%) per annum and all legal costs, together with said attorney's fee, to-wit:

Lot numbered in the Subdivision of part of the Southwest quarter of Section, Town North, Range East, according to the plat thereof as recorded in Liber of Plats on page, Oakland County Records, being situated on the East side of the street, together with the hereditaments and appurtenances thereof, in the City of Pontiac, County of Oakland, and State of Michigan.

MORTGAGE SALE—DEFAULT having been made in the conditions of a certain mortgage made by the mortgagors named herein to the mortgagee, dated and recorded in the office of the Register of Deeds for the County of Oakland and State of Michigan, in Liber of Mortgages, on page, on which mortgage there is claimed to be due at the date of this notice, for principal and interest, the sum stated herein, and an attorney's fee as provided for in said mortgage, and no suit or proceedings at law or in equity having been instituted to recover the moneys secured by said mortgage, or any part thereof.

NOW, THEREFORE, by virtue of the power of sale contained in said mortgage, and pursuant to the statute of the State of Michigan in such case made and provided, NOTICE IS HEREBY GIVEN that on the date stated, at ten o'clock in the forenoon, Eastern Standard Time, the undersigned will, at the Saginaw Street entrance to the Court House in the City of Pontiac, Oakland County, Michigan (that being the building where the Circuit Court for the County of Oakland is held), sell at public auction to the highest bidder, the premises described in said mortgage, or so much thereof as may be necessary to pay the amount due, as aforesaid, on said mortgage, with the interest thereon at seven per cent (7%) per annum and all legal costs, together with said attorney's fee, to-wit:

Lot numbered in the Subdivision of part of the Southwest quarter of Section, Town North, Range East, according to the plat thereof as recorded in Liber of Plats on page, Oakland County Records, being situated on the East side of the street, together with the hereditaments and appurtenances thereof, in the City of Pontiac, County of Oakland, and State of Michigan.

JOHN N. DALEY, Receiver Peoples State Bank of Farmington, a Michigan Banking Corporation, Mortgagee. A. FLOYD BLAKESLEE, Attorney for Mortgagee, 503 Pontiac Bank Building, Pontiac, Michigan.

719

Anderson, Wilcox, Lacy and Lawson, Attorneys; 1928 Buhl Building, Detroit, Michigan.

MORTGAGE SALE—DEFAULT having been made in the conditions of a certain mortgage made by the mortgagors named herein to the mortgagee, dated and recorded in the office of the Register of Deeds for the County of Oakland and State of Michigan, in Liber of Mortgages, on page, on which mortgage there is claimed to be due at the date of this notice, for principal and interest, the sum stated herein, and an attorney's fee as provided for in said mortgage, and no suit or proceedings at law or in equity having been instituted to recover the moneys secured by said mortgage, or any part thereof.

NOW, THEREFORE, by virtue of the power of sale contained in said mortgage, and pursuant to the statute of the State of Michigan in such case made and provided, NOTICE IS HEREBY GIVEN that on the date stated, at ten o'clock in the forenoon, Eastern Standard Time, the undersigned will, at the Saginaw Street entrance to the Court House in the City of Pontiac, Oakland County, Michigan (that being the building where the Circuit Court for the County of Oakland is held), sell at public auction to the highest bidder, the premises described in said mortgage, or so much thereof as may be necessary to pay the amount due, as aforesaid, on said mortgage, with the interest thereon at seven per cent (7%) per annum and all legal costs, together with said attorney's fee, to-wit:

Lot numbered in the Subdivision of part of the Southwest quarter of Section, Town North, Range East, according to the plat thereof as recorded in Liber of Plats on page, Oakland County Records, being situated on the East side of the street, together with the hereditaments and appurtenances thereof, in the City of Pontiac, County of Oakland, and State of Michigan.

MORTGAGE SALE—DEFAULT having been made in the conditions of a certain mortgage made by the mortgagors named herein to the mortgagee, dated and recorded in the office of the Register of Deeds for the County of Oakland and State of Michigan, in Liber of Mortgages, on page, on which mortgage there is claimed to be due at the date of this notice, for principal and interest, the sum stated herein, and an attorney's fee as provided for in said mortgage, and no suit or proceedings at law or in equity having been instituted to recover the moneys secured by said mortgage, or any part thereof.

NOW, THEREFORE, by virtue of the power of sale contained in said mortgage, and pursuant to the statute of the State of Michigan in such case made and provided, NOTICE IS HEREBY GIVEN that on the date stated, at ten o'clock in the forenoon, Eastern Standard Time, the undersigned will, at the Saginaw Street entrance to the Court House in the City of Pontiac, Oakland County, Michigan (that being the building where the Circuit Court for the County of Oakland is held), sell at public auction to the highest bidder, the premises described in said mortgage, or so much thereof as may be necessary to pay the amount due, as aforesaid, on said mortgage, with the interest thereon at seven per cent (7%) per annum and all legal costs, together with said attorney's fee, to-wit:

Lot numbered in the Subdivision of part of the Southwest quarter of Section, Town North, Range East, according to the plat thereof as recorded in Liber of Plats on page, Oakland County Records, being situated on the East side of the street, together with the hereditaments and appurtenances thereof, in the City of Pontiac, County of Oakland, and State of Michigan.

MORTGAGE SALE—DEFAULT having been made in the conditions of a certain mortgage made by the mortgagors named herein to the mortgagee, dated and recorded in the office of the Register of Deeds for the County of Oakland and State of Michigan, in Liber of Mortgages, on page, on which mortgage there is claimed to be due at the date of this notice, for principal and interest, the sum stated herein, and an attorney's fee as provided for in said mortgage, and no suit or proceedings at law or in equity having been instituted to recover the moneys secured by said mortgage, or any part thereof.

NOW, THEREFORE, by virtue of the power of sale contained in said mortgage, and pursuant to the statute of the State of Michigan in such case made and provided, NOTICE IS HEREBY GIVEN that on the date stated, at ten o'clock in the forenoon, Eastern Standard Time, the undersigned will, at the Saginaw Street entrance to the Court House in the City of Pontiac, Oakland County, Michigan (that being the building where the Circuit Court for the County of Oakland is held), sell at public auction to the highest bidder, the premises described in said mortgage, or so much thereof as may be necessary to pay the amount due, as aforesaid, on said mortgage, with the interest thereon at seven per cent (7%) per annum and all legal costs, together with said attorney's fee, to-wit:

Lot numbered in the Subdivision of part of the Southwest quarter of Section, Town North, Range East, according to the plat thereof as recorded in Liber of Plats on page, Oakland County Records, being situated on the East side of the street, together with the hereditaments and appurtenances thereof, in the City of Pontiac, County of Oakland, and State of Michigan.

DETROIT TRUST COMPANY, Mortgagee. ANDERSON, WILCOX, LACY AND LAWSON, Attorneys for Mortgagee.

Dec. 7—Mar. 1

726

Anderson, Wilcox, Lacy and Lawson, Attorneys; 1928 Buhl Building, Detroit, Michigan.

MORTGAGE SALE—DEFAULT having been made in the conditions of a certain mortgage made by the mortgagors named herein to the mortgagee, dated and recorded in the office of the Register of Deeds for the County of Oakland and State of Michigan, in Liber of Mortgages, on page, on which mortgage there is claimed to be due at the date of this notice, for principal and interest, the sum stated herein, and an attorney's fee as provided for in said mortgage, and no suit or proceedings at law or in equity having been instituted to recover the moneys secured by said mortgage, or any part thereof.

NOW, THEREFORE, by virtue of the power of sale contained in said mortgage, and pursuant to the statute of the State of Michigan in such case made and provided, NOTICE IS HEREBY GIVEN that on the date stated, at ten o'clock in the forenoon, Eastern Standard Time, the undersigned will, at the Saginaw Street entrance to the Court House in the City of Pontiac, Oakland County, Michigan (that being the building where the Circuit Court for the County of Oakland is held), sell at public auction to the highest bidder, the premises described in said mortgage, or so much thereof as may be necessary to pay the amount due, as aforesaid, on said mortgage, with the interest thereon at seven per cent (7%) per annum and all legal costs, together with said attorney's fee, to-wit:

Lot numbered in the Subdivision of part of the Southwest quarter of Section, Town North, Range East, according to the plat thereof as recorded in Liber of Plats on page, Oakland County Records, being situated on the East side of the street, together with the hereditaments and appurtenances thereof, in the City of Pontiac, County of Oakland, and State of Michigan.

MORTGAGE SALE—DEFAULT having been made in the conditions of a certain mortgage made by the mortgagors named herein to the mortgagee, dated and recorded in the office of the Register of Deeds for the County of Oakland and State of Michigan, in Liber of Mortgages, on page, on which mortgage there is claimed to be due at the date of this notice, for principal and interest, the sum stated herein, and an attorney's fee as provided for in said mortgage, and no suit or proceedings at law or in equity having been instituted to recover the moneys secured by said mortgage, or any part thereof.

NOW, THEREFORE, by virtue of the power of sale contained in said mortgage, and pursuant to the statute of the State of Michigan in such case made and provided, NOTICE IS HEREBY GIVEN that on the date stated, at ten o'clock in the forenoon, Eastern Standard Time, the undersigned will, at the Saginaw Street entrance to the Court House in the City of Pontiac, Oakland County, Michigan (that being the building where the Circuit Court for the County of Oakland is held), sell at public auction to the highest bidder, the premises described in said mortgage, or so much thereof as may be necessary to pay the amount due, as aforesaid, on said mortgage, with the interest thereon at seven per cent (7%) per annum and all legal costs, together with said attorney's fee, to-wit:

Lot numbered in the Subdivision of part of the Southwest quarter of Section, Town North, Range East, according to the plat thereof as recorded in Liber of Plats on page, Oakland County Records, being situated on the East side of the street, together with the hereditaments and appurtenances thereof, in the City of Pontiac, County of Oakland, and State of Michigan.

MORTGAGE SALE—DEFAULT having been made in the conditions of a certain mortgage made by the mortgagors named herein to the mortgagee, dated and recorded in the office of the Register of Deeds for the County of Oakland and State of Michigan, in Liber of Mortgages, on page, on which mortgage there is claimed to be due at the date of this notice, for principal and interest, the sum stated herein, and an attorney's fee as provided for in said mortgage, and no suit or proceedings at law or in equity having been instituted to recover the moneys secured by said mortgage, or any part thereof.

NOW, THEREFORE, by virtue of the power of sale contained in said mortgage, and pursuant to the statute of the State of Michigan in such case made and provided, NOTICE IS HEREBY GIVEN that on the date stated, at ten o'clock in the forenoon, Eastern Standard Time, the undersigned will, at the Saginaw Street entrance to the Court House in the City of Pontiac, Oakland County, Michigan (that being the building where the Circuit Court for the County of Oakland is held), sell at public auction to the highest bidder, the premises described in said mortgage, or so much thereof as may be necessary to pay the amount due, as aforesaid, on said mortgage, with the interest thereon at seven per cent (7%) per annum and all legal costs, together with said attorney's fee, to-wit:

Lot numbered in the Subdivision of part of the Southwest quarter of Section, Town North, Range East, according to the plat thereof as recorded in Liber of Plats on page, Oakland County Records, being situated on the East side of the street, together with the hereditaments and appurtenances thereof, in the City of Pontiac, County of Oakland, and State of Michigan.

DETROIT TRUST COMPANY, Mortgagee. ANDERSON, WILCOX, LACY AND LAWSON, Attorneys for Mortgagee.

Dec. 7—Mar. 1

704

Kelley, Sessions, Warner and Eger, Attorneys; 324 Mutual Bldg., Lansing, Michigan.

MORTGAGE SALE—DEFAULT having been made in the conditions of a certain mortgage made by the mortgagors named herein to the mortgagee, dated and recorded in the office of the Register of Deeds for the County of Oakland and State of Michigan, in Liber of Mortgages, on page, on which mortgage there is claimed to be due at the date of this notice, for principal and interest, the sum stated herein, and an attorney's fee as provided for in said mortgage, and no suit or proceedings at law or in equity having been instituted to recover the moneys secured by said mortgage, or any part thereof.

NOW, THEREFORE, by virtue of the power of sale contained in said mortgage, and pursuant to the statute of the State of Michigan in such case made and provided, NOTICE IS HEREBY GIVEN that on the date stated, at ten o'clock in the forenoon, Eastern Standard Time, the undersigned will, at the Saginaw Street entrance to the Court House in the City of Pontiac, Oakland County, Michigan (that being the building where the Circuit Court for the County of Oakland is held), sell at public auction to the highest bidder, the premises described in said mortgage, or so much thereof as may be necessary to pay the amount due, as aforesaid, on said mortgage, with the interest thereon at seven per cent (7%) per annum and all legal costs, together with said attorney's fee, to-wit:

Lot numbered in the Subdivision of part of the Southwest quarter of Section, Town North, Range East, according to the plat thereof as recorded in Liber of Plats on page, Oakland County Records, being situated on the East side of the street, together with the hereditaments and appurtenances thereof, in the City of Pontiac, County of Oakland, and State of Michigan.

MORTGAGE SALE—DEFAULT having been made in the conditions of a certain mortgage made by the mortgagors named herein to the mortgagee, dated and recorded in the office of the Register of Deeds for the County of Oakland and State of Michigan, in Liber of Mortgages, on page, on which mortgage there is claimed to be due at the date of this notice, for principal and interest, the sum stated herein, and an attorney's fee as provided for in said mortgage, and no suit or proceedings at law or in equity having been instituted to recover the moneys secured by said mortgage, or any part thereof.

NOW, THEREFORE, by virtue of the power of sale contained in said mortgage, and pursuant to the statute of the State of Michigan in such case made and provided, NOTICE IS HEREBY GIVEN that on the date stated, at ten o'clock in the forenoon, Eastern Standard Time, the undersigned will, at the Saginaw Street entrance to the Court House in the City of Pontiac, Oakland County, Michigan (that being the building where the Circuit Court for the County of Oakland is held), sell at public auction to the highest bidder, the premises described in said mortgage, or so much thereof as may be necessary to pay the amount due, as aforesaid, on said mortgage, with the interest thereon at seven per cent (7%) per annum and all legal costs, together with said attorney's fee, to-wit:

Lot numbered in the Subdivision of part of the Southwest quarter of Section, Town North, Range East, according to the plat thereof as recorded in Liber of Plats on page, Oakland County Records, being situated on the East side of the street, together with the hereditaments and appurtenances thereof, in the City of Pontiac, County of Oakland, and State of Michigan.

MORTGAGE SALE—DEFAULT having been made in the conditions of a certain mortgage made by the mortgagors named herein to the mortgagee, dated and recorded in the office of the Register of Deeds for the County of Oakland and State of Michigan, in Liber of Mortgages, on page, on which mortgage there is claimed to be due at the date of this notice, for principal and interest, the sum stated herein, and an attorney's fee as provided for in said mortgage, and no suit or proceedings at law or in equity having been instituted to recover the moneys secured by said mortgage, or any part thereof.

NOW, THEREFORE, by virtue of the power of sale contained in said mortgage, and pursuant to the statute of the State of Michigan in such case made and provided, NOTICE IS HEREBY GIVEN that on the date stated, at ten o'clock in the forenoon, Eastern Standard Time, the undersigned will, at the Saginaw Street entrance to the Court House in the City of Pontiac, Oakland County, Michigan (that being the building where the Circuit Court for the County of Oakland is held), sell at public auction to the highest bidder, the premises described in said mortgage, or so much thereof as may be necessary to pay the amount due, as aforesaid, on said mortgage, with the interest thereon at seven per cent (7%) per annum and all legal costs, together with said attorney's fee, to-wit:

Lot numbered in the Subdivision of part of the Southwest quarter of Section, Town North, Range East, according to the plat thereof as recorded in Liber of Plats on page, Oakland County Records, being situated on the East side of the street, together with the hereditaments and appurtenances thereof, in the City of Pontiac, County of Oakland, and State of Michigan.

GEORGE G. HARRIS, Receiver of State Savings & Loan Company, Mortgagee. KELLEY, SESSIONS, WARNER AND EGER, Attorneys for Receiver of Mortgagee, Business Address: 324 Mutual Bldg. Lansing, Michigan.

Nov. 16—Feb. 8

721

Anderson, Wilcox, Lacy and Lawson, Attorneys; 1928 Buhl Building, Detroit, Michigan.

MORTGAGE SALE—DEFAULT having been made in the conditions of a certain mortgage made by the mortgagors named herein to the mortgagee, dated and recorded in the office of the Register of Deeds for the County of Oakland and State of Michigan, in Liber of Mortgages, on page, on which mortgage there is claimed to be due at the date of this notice, for principal and interest, the sum stated herein, and an attorney's fee as provided for in said mortgage, and no suit or proceedings at law or in equity having been instituted to recover the moneys secured by said mortgage, or any part thereof.

NOW, THEREFORE, by virtue of the power of sale contained in said mortgage, and pursuant to the statute of the State of Michigan in such case made and provided, NOTICE IS HEREBY GIVEN that on the date stated, at ten o'clock in the forenoon, Eastern Standard Time, the undersigned will, at the Saginaw Street entrance to the Court House in the City of Pontiac, Oakland County, Michigan (that being the building where the Circuit Court for the County of Oakland is held), sell at public auction to the highest bidder, the premises described in said mortgage, or so much thereof as may be necessary to pay the amount due, as aforesaid, on said mortgage, with the interest thereon at seven per cent (7%) per annum and all legal costs, together with said attorney's fee, to-wit:

Lot numbered in the Subdivision of part of the Southwest quarter of Section, Town North, Range East, according to the plat thereof as recorded in Liber of Plats on page, Oakland County Records, being situated on the East side of the street, together with the hereditaments and appurtenances thereof, in the City of Pontiac, County of Oakland, and State of Michigan.

MORTGAGE SALE—DEFAULT having been made in the conditions of a certain mortgage made by the mortgagors named herein to the mortgagee, dated and recorded in the office of the Register of Deeds for the County of Oakland and State of Michigan, in Liber of Mortgages, on page, on which mortgage there is claimed to be due at the date of this notice, for principal and interest, the sum stated herein, and an attorney's fee as provided for in said mortgage, and no suit or proceedings at law or in equity having been instituted to recover the moneys secured by said mortgage, or any part thereof.

NOW, THEREFORE, by virtue of the power of sale contained in said mortgage, and pursuant to the statute of the State of Michigan in such case made and provided, NOTICE IS HEREBY GIVEN that on the date stated, at ten o'clock in the forenoon, Eastern Standard Time, the undersigned will, at the Saginaw Street entrance to the Court House in the City of Pontiac, Oakland County, Michigan (that being the building where the Circuit Court for the County of Oakland is held), sell at public auction to the highest bidder, the premises described in said mortgage, or so much thereof as may be necessary to pay the amount due, as aforesaid, on said mortgage, with the interest thereon at seven per cent (7%) per annum and all legal costs, together with said attorney's fee, to-wit:

Lot numbered in the Subdivision of part of the Southwest quarter of Section, Town North, Range East, according to the plat thereof as recorded in Liber of Plats on page, Oakland County Records, being situated on the East side of the street, together with the hereditaments and appurtenances thereof, in the City of Pontiac, County of Oakland, and State of Michigan.

MORTGAGE SALE—DEFAULT having been made in the conditions of a certain mortgage made by the mortgagors named herein to the mortgagee, dated and recorded in the office of the Register of Deeds for the County of Oakland and State of Michigan, in Liber of Mortgages, on page, on which mortgage there is claimed to be due at the date of this notice, for principal and interest, the sum stated herein, and an attorney's fee as provided for in said mortgage, and no suit or proceedings at law or in equity having been instituted to recover the moneys secured by said mortgage, or any part thereof.

NOW, THEREFORE, by virtue of the power of sale contained in said mortgage, and pursuant to the statute of the State of Michigan in such case made and provided, NOTICE IS HEREBY GIVEN that on the date stated, at ten o'clock in the forenoon, Eastern Standard Time, the undersigned will, at the Saginaw Street entrance to the Court House in the City of Pontiac, Oakland County, Michigan (that being the building where the Circuit Court for the County of Oakland is held), sell at public auction to the highest bidder, the premises described in said mortgage, or so much thereof as may be necessary to pay the amount due, as aforesaid, on said mortgage, with the interest thereon at seven per cent (7%) per annum and all legal costs, together with said attorney's fee, to-wit:

Lot numbered in the Subdivision of part of the Southwest quarter of Section, Town North, Range East, according to the plat thereof as recorded in Liber of Plats on page, Oakland County Records, being situated on the East side of the street, together with the hereditaments and appurtenances thereof, in the City of Pontiac, County of Oakland, and State of Michigan.

DETROIT TRUST COMPANY, Mortgagee. ANDERSON, WILCOX, LACY AND LAWSON, Attorneys for Mortgagee.

Dec. 7—Mar. 1
